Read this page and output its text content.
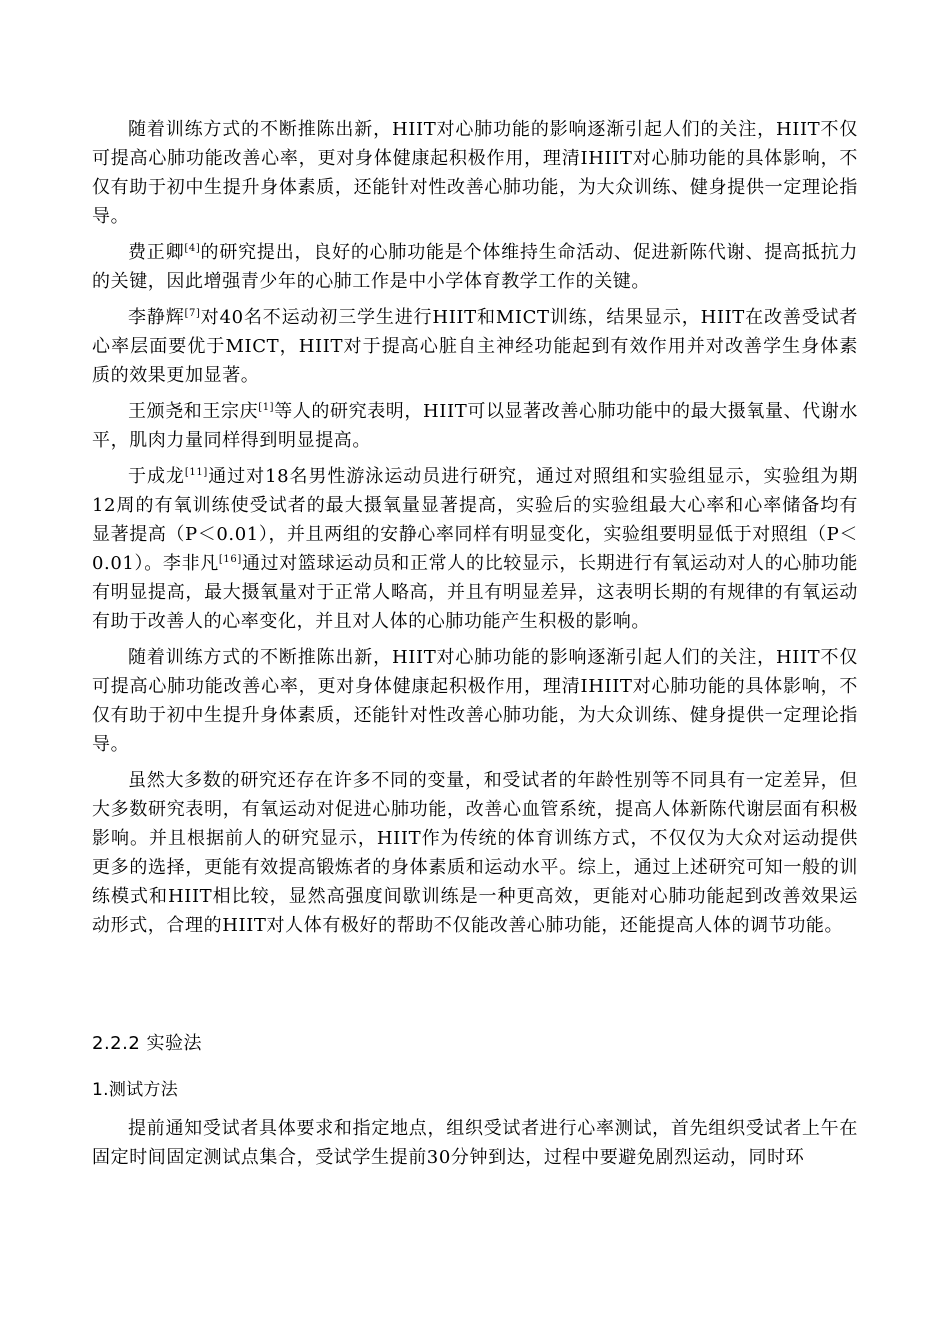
随着训练方式的不断推陈出新，HIIT对心肺功能的影响逐渐引起人们的关注，HIIT不仅可提高心肺功能改善心率，更对身体健康起积极作用，理清IHIIT对心肺功能的具体影响，不仅有助于初中生提升身体素质，还能针对性改善心肺功能，为大众训练、健身提供一定理论指导。

费正卿[4]的研究提出，良好的心肺功能是个体维持生命活动、促进新陈代谢、提高抵抗力的关键，因此增强青少年的心肺工作是中小学体育教学工作的关键。

李静辉[7]对40名不运动初三学生进行HIIT和MICT训练，结果显示，HIIT在改善受试者心率层面要优于MICT，HIIT对于提高心脏自主神经功能起到有效作用并对改善学生身体素质的效果更加显著。

王颁尧和王宗庆[1]等人的研究表明，HIIT可以显著改善心肺功能中的最大摄氧量、代谢水平，肌肉力量同样得到明显提高。

于成龙[11]通过对18名男性游泳运动员进行研究，通过对照组和实验组显示，实验组为期12周的有氧训练使受试者的最大摄氧量显著提高，实验后的实验组最大心率和心率储备均有显著提高（P＜0.01），并且两组的安静心率同样有明显变化，实验组要明显低于对照组（P＜0.01）。李非凡[16]通过对篮球运动员和正常人的比较显示，长期进行有氧运动对人的心肺功能有明显提高，最大摄氧量对于正常人略高，并且有明显差异，这表明长期的有规律的有氧运动有助于改善人的心率变化，并且对人体的心肺功能产生积极的影响。

随着训练方式的不断推陈出新，HIIT对心肺功能的影响逐渐引起人们的关注，HIIT不仅可提高心肺功能改善心率，更对身体健康起积极作用，理清IHIIT对心肺功能的具体影响，不仅有助于初中生提升身体素质，还能针对性改善心肺功能，为大众训练、健身提供一定理论指导。

虽然大多数的研究还存在许多不同的变量，和受试者的年龄性别等不同具有一定差异，但大多数研究表明，有氧运动对促进心肺功能，改善心血管系统，提高人体新陈代谢层面有积极影响。并且根据前人的研究显示，HIIT作为传统的体育训练方式，不仅仅为大众对运动提供更多的选择，更能有效提高锻炼者的身体素质和运动水平。综上，通过上述研究可知一般的训练模式和HIIT相比较，显然高强度间歇训练是一种更高效，更能对心肺功能起到改善效果运动形式，合理的HIIT对人体有极好的帮助不仅能改善心肺功能，还能提高人体的调节功能。

2.2.2 实验法
1.测试方法

提前通知受试者具体要求和指定地点，组织受试者进行心率测试，首先组织受试者上午在固定时间固定测试点集合，受试学生提前30分钟到达，过程中要避免剧烈运动，同时环
